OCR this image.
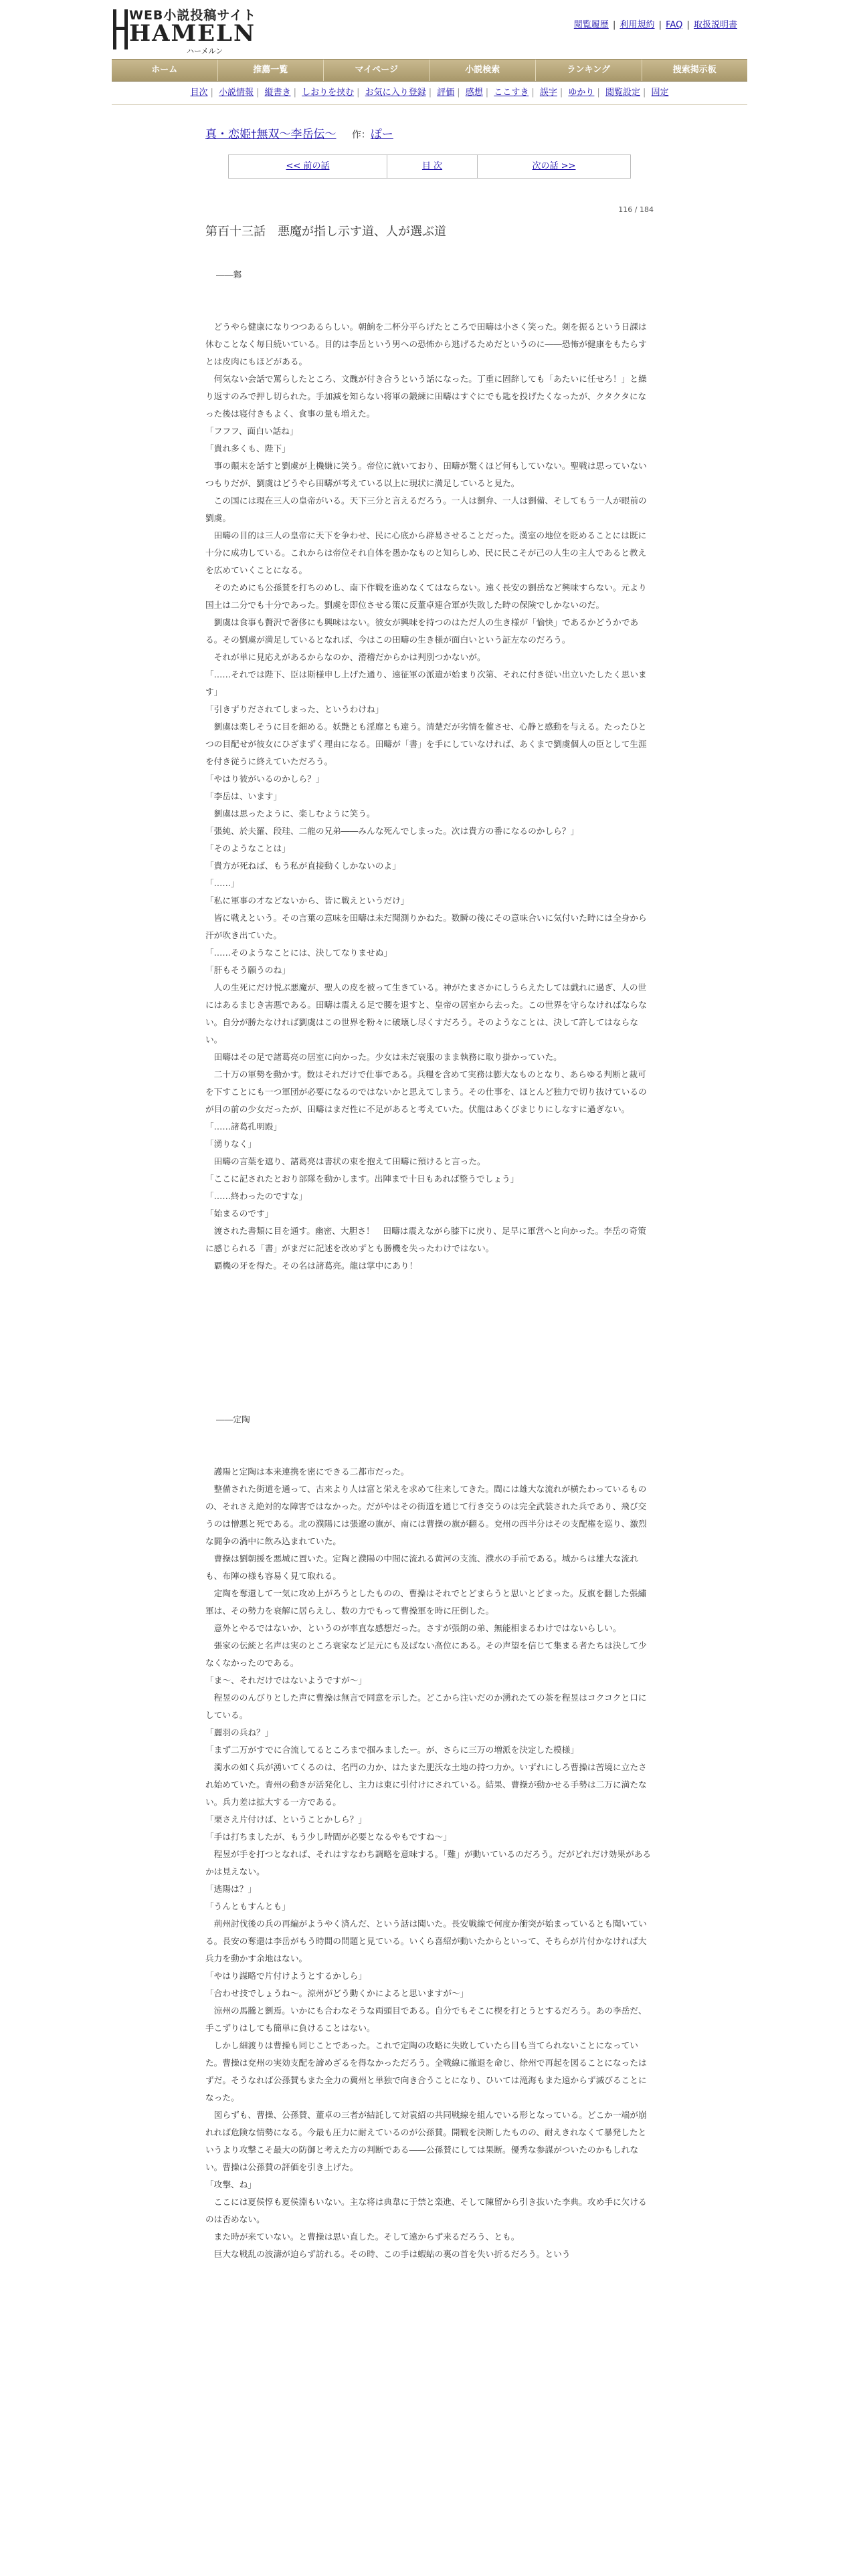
WEB小説投稿サイト
HAMELN
ハーメルン
閲覧履歴 | 利用規約 | FAQ | 取扱説明書
ホーム	推薦一覧	マイページ	小説検索	ランキング	捜索掲示板
目次 | 小説情報 | 縦書き | しおりを挟む | お気に入り登録 | 評価 | 感想 | ここすき | 誤字 | ゆかり | 閲覧設定 | 固定
真・恋姫†無双～李岳伝～ 作：ぽー
<< 前の話	目 次	次の話 >>
116 / 184
第百十三話　悪魔が指し示す道、人が選ぶ道

――鄴

　どうやら健康になりつつあるらしい。朝餉を二杯分平らげたところで田疇は小さく笑った。剣を振るという日課は休むことなく毎日続いている。目的は李岳という男への恐怖から逃げるためだというのに――恐怖が健康をもたらすとは皮肉にもほどがある。

　何気ない会話で罵らしたところ、文醜が付き合うという話になった。丁重に固辞しても「あたいに任せろ！」と繰り返すのみで押し切られた。手加減を知らない将軍の鍛練に田疇はすぐにでも匙を投げたくなったが、クタクタになった後は寝付きもよく、食事の量も増えた。

「フフフ、面白い話ね」

「貴れ多くも、陛下」

　事の顛末を話すと劉虞が上機嫌に笑う。帝位に就いており、田疇が驚くほど何もしていない。聖戦は思っていないつもりだが、劉虞はどうやら田疇が考えている以上に現状に満足していると見た。

　この国には現在三人の皇帝がいる。天下三分と言えるだろう。一人は劉弁、一人は劉備、そしてもう一人が眼前の劉虞。

　田疇の目的は三人の皇帝に天下を争わせ、民に心底から辟易させることだった。漢室の地位を貶めることには既に十分に成功している。これからは帝位それ自体を愚かなものと知らしめ、民に民こそが己の人生の主人であると教えを広めていくことになる。

　そのためにも公孫賛を打ちのめし、南下作戦を進めなくてはならない。遠く長安の劉岳など興味すらない。元より国土は二分でも十分であった。劉虞を即位させる策に反董卓連合軍が失敗した時の保険でしかないのだ。

　劉虞は食事も贅沢で奢侈にも興味はない。彼女が興味を持つのはただ人の生き様が「愉快」であるかどうかである。その劉虞が満足しているとなれば、今はこの田疇の生き様が面白いという証左なのだろう。

　それが単に見応えがあるからなのか、滑稽だからかは判別つかないが。

「……それでは陛下、臣は斯様申し上げた通り、遠征軍の派遣が始まり次第、それに付き従い出立いたしたく思います」

「引きずりだされてしまった、というわけね」

　劉虞は楽しそうに目を細める。妖艶とも淫靡とも違う。清楚だが劣情を催させ、心静と感動を与える。たったひとつの目配せが彼女にひざまずく理由になる。田疇が「書」を手にしていなければ、あくまで劉虞個人の臣として生涯を付き従うに終えていただろう。

「やはり彼がいるのかしら？」

「李岳は、います」

　劉虞は思ったように、楽しむように笑う。

「張純、於夫羅、段珪、二龍の兄弟――みんな死んでしまった。次は貴方の番になるのかしら？」

「そのようなことは」

「貴方が死ねば、もう私が直接動くしかないのよ」

「……」

「私に軍事の才などないから、皆に戦えというだけ」

　皆に戦えという。その言葉の意味を田疇は未だ聞測りかねた。数瞬の後にその意味合いに気付いた時には全身から汗が吹き出ていた。

「……そのようなことには、決してなりませぬ」

「肝もそう願うのね」

　人の生死にだけ悦ぶ悪魔が、聖人の皮を被って生きている。神がたまさかにしうらえたしては戯れに過ぎ、人の世にはあるまじき害悪である。田疇は震える足で腰を退すと、皇帝の居室から去った。この世界を守らなければならない。自分が勝たなければ劉虞はこの世界を粉々に破壊し尽くすだろう。そのようなことは、決して許してはならない。

　田疇はその足で諸葛亮の居室に向かった。少女は未だ衰服のまま執務に取り掛かっていた。

　二十万の軍勢を動かす。数はそれだけで仕事である。兵糧を含めて実務は膨大なものとなり、あらゆる判断と裁可を下すことにも一つ軍団が必要になるのではないかと思えてしまう。その仕事を、ほとんど独力で切り抜けているのが目の前の少女だったが、田疇はまだ性に不足があると考えていた。伏龍はあくびまじりにしなすに過ぎない。

「……諸葛孔明殿」

「湧りなく」

　田疇の言葉を遮り、諸葛亮は書状の束を抱えて田疇に預けると言った。

「ここに記されたとおり部隊を動かします。出陣まで十日もあれば整うでしょう」

「……終わったのですな」

「始まるのです」

　渡された書類に目を通す。幽密、大胆さ！　田疇は震えながら膝下に戻り、足早に軍営へと向かった。李岳の奇策に感じられる「書」がまだに記述を改めずとも勝機を失ったわけではない。

　覇機の牙を得た。その名は諸葛亮。龍は掌中にあり！

――定陶

　護陽と定陶は本来連携を密にできる二都市だった。

　整備された街道を通って、古来より人は富と栄えを求めて往来してきた。間には雄大な流れが横たわっているものの、それさえ絶対的な障害ではなかった。だがやはその街道を通じて行き交うのは完全武装された兵であり、飛び交うのは憎悪と死である。北の濮陽には張遼の旗が、南には曹操の旗が翻る。兗州の西半分はその支配権を巡り、激烈な闘争の渦中に飲み込まれていた。

　曹操は劉朝援を悪城に置いた。定陶と濮陽の中間に流れる黄河の支流、濮水の手前である。城からは雄大な流れも、布陣の様も容易く見て取れる。

　定陶を奪還して一気に攻め上がろうとしたものの、曹操はそれでとどまらうと思いとどまった。反旗を翻した張繡軍は、その勢力を衰解に居らえし、数の力でもって曹操軍を時に圧倒した。

　意外とやるではないか、というのが率直な感想だった。さすが張朗の弟、無能相まるわけではないらしい。

　張家の伝統と名声は実のところ衰家など足元にも及ばない高位にある。その声望を信じて集まる者たちは決して少なくなかったのである。

「ま～、それだけではないようですが～」

　程昱ののんびりとした声に曹操は無言で同意を示した。どこから注いだのか湧れたての茶を程昱はコクコクと口にしている。

「麗羽の兵ね？」

「まず二万がすでに合流してるところまで掴みましたー。が、さらに三万の増派を決定した模様」

　濁水の如く兵が湧いてくるのは、名門の力か、はたまた肥沃な土地の持つ力か。いずれにしろ曹操は苦境に立たされ始めていた。青州の動きが活発化し、主力は東に引付けにされている。結果、曹操が動かせる手勢は二万に満たない。兵力差は拡大する一方である。

「栗さえ片付けば、ということかしら？」

「手は打ちましたが、もう少し時間が必要となるやもですね～」

　程昱が手を打つとなれば、それはすなわち調略を意味する。「難」が動いているのだろう。だがどれだけ効果があるかは見えない。

「逃陽は？」

「うんともすんとも」

　荊州討伐後の兵の再編がようやく済んだ、という話は聞いた。長安戦線で何度か衝突が始まっているとも聞いている。長安の奪還は李岳がもう時間の問題と見ている。いくら喜紹が動いたからといって、そちらが片付かなければ大兵力を動かす余地はない。

「やはり謀略で片付けようとするかしら」

「合わせ技でしょうね～。涼州がどう動くかによると思いますが～」

　涼州の馬騰と劉焉。いかにも合わなそうな両頭目である。自分でもそこに楔を打とうとするだろう。あの李岳だ、手こずりはしても簡単に負けることはない。

　しかし細渡りは曹操も同じことであった。これで定陶の攻略に失敗していたら目も当てられないことになっていた。曹操は兗州の実効支配を諦めざるを得なかっただろう。全戦線に撤退を命じ、徐州で再起を図ることになったはずだ。そうなれば公孫賛もまた全力の冀州と単独で向き合うことになり、ひいては滝海もまた遠からず滅びることになった。

　図らずも、曹操、公孫賛、董卓の三者が結託して対袁紹の共同戦線を組んでいる形となっている。どこか一端が崩れれば危険な情勢になる。今最も圧力に耐えているのが公孫賛。開戦を決断したものの、耐えきれなくて暴発したというより攻撃こそ最大の防御と考えた方の判断である――公孫賛にしては果断。優秀な参謀がついたのかもしれない。曹操は公孫賛の評価を引き上げた。

「攻撃、ね」

　ここには夏侯惇も夏侯淵もいない。主な将は典韋に于禁と楽進、そして陳留から引き抜いた李典。攻め手に欠けるのは否めない。

　また時が来ていない。と曹操は思い直した。そして遠からず来るだろう、とも。

　巨大な戦乱の波濤が迫らず訪れる。その時、この手は蝦蛄の裏の首を失い折るだろう。という
